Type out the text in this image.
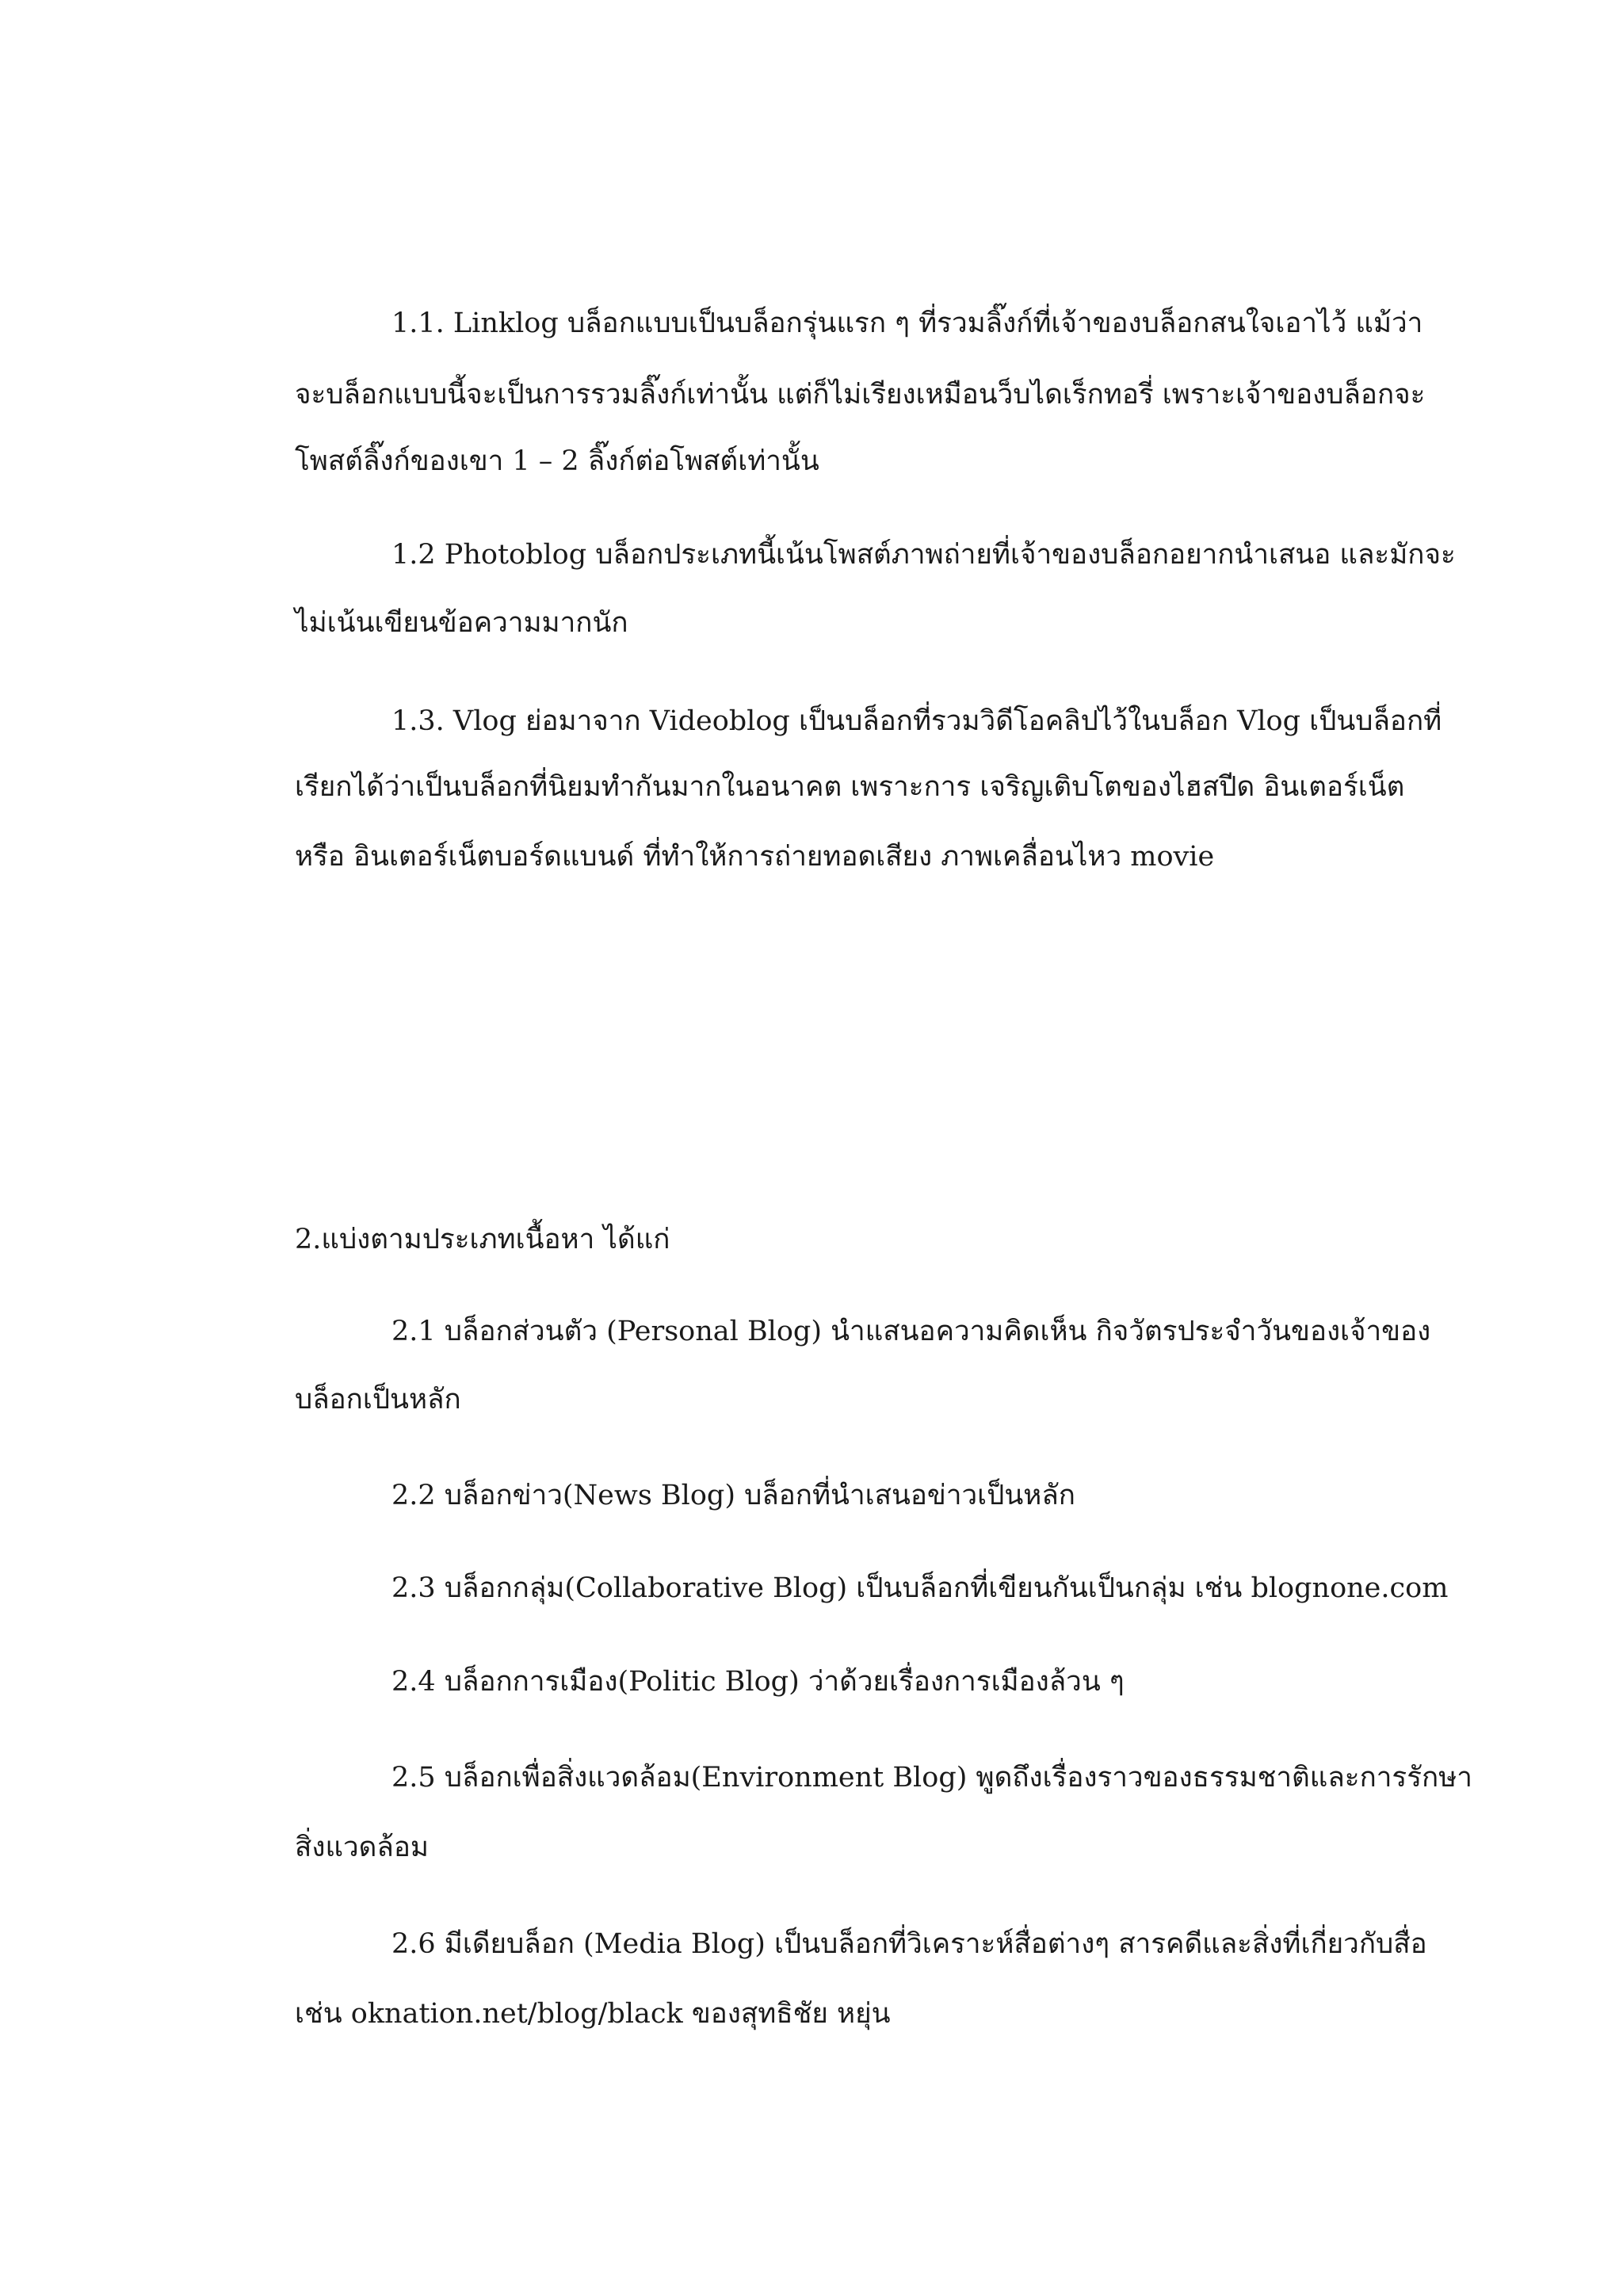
1.1. Linklog บล็อกแบบเป็นบล็อกรุ่นแรก ๆ ที่รวมลิ๊งก์ที่เจ้าของบล็อกสนใจเอาไว้ แม้ว่า
จะบล็อกแบบนี้จะเป็นการรวมลิ๊งก์เท่านั้น แต่ก็ไม่เรียงเหมือนว็บไดเร็กทอรี่ เพราะเจ้าของบล็อกจะ
โพสต์ลิ๊งก์ของเขา 1 – 2 ลิ๊งก์ต่อโพสต์เท่านั้น
1.2 Photoblog บล็อกประเภทนี้เน้นโพสต์ภาพถ่ายที่เจ้าของบล็อกอยากนำเสนอ และมักจะ
ไม่เน้นเขียนข้อความมากนัก
1.3. Vlog ย่อมาจาก Videoblog เป็นบล็อกที่รวมวิดีโอคลิปไว้ในบล็อก Vlog เป็นบล็อกที่
เรียกได้ว่าเป็นบล็อกที่นิยมทำกันมากในอนาคต เพราะการ เจริญเติบโตของไฮสปีด อินเตอร์เน็ต
หรือ อินเตอร์เน็ตบอร์ดแบนด์ ที่ทำให้การถ่ายทอดเสียง ภาพเคลื่อนไหว movie
2.แบ่งตามประเภทเนื้อหา ได้แก่
2.1 บล็อกส่วนตัว (Personal Blog) นำแสนอความคิดเห็น กิจวัตรประจำวันของเจ้าของ
บล็อกเป็นหลัก
2.2 บล็อกข่าว(News Blog) บล็อกที่นำเสนอข่าวเป็นหลัก
2.3 บล็อกกลุ่ม(Collaborative Blog) เป็นบล็อกที่เขียนกันเป็นกลุ่ม เช่น blognone.com
2.4 บล็อกการเมือง(Politic Blog) ว่าด้วยเรื่องการเมืองล้วน ๆ
2.5 บล็อกเพื่อสิ่งแวดล้อม(Environment Blog) พูดถึงเรื่องราวของธรรมชาติและการรักษา
สิ่งแวดล้อม
2.6 มีเดียบล็อก (Media Blog) เป็นบล็อกที่วิเคราะห์สื่อต่างๆ สารคดีและสิ่งที่เกี่ยวกับสื่อ
เช่น oknation.net/blog/black ของสุทธิชัย หยุ่น
